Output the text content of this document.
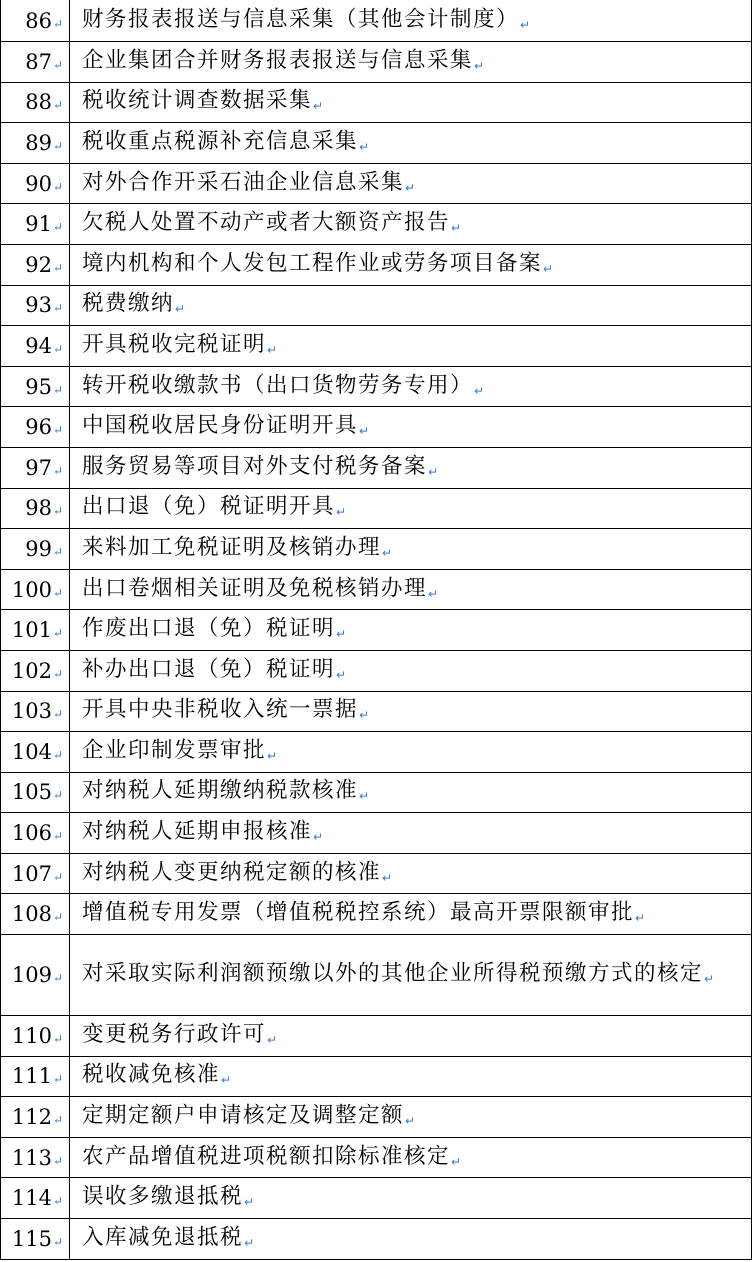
86 ↵ 财务报表报送与信息采集（其他会计制度）↵
87 ↵ 企业集团合并财务报表报送与信息采集↵
88 ↵ 税收统计调查数据采集↵
89 ↵ 税收重点税源补充信息采集↵
90 ↵ 对外合作开采石油企业信息采集↵
91 ↵ 欠税人处置不动产或者大额资产报告↵
92 ↵ 境内机构和个人发包工程作业或劳务项目备案↵
93 ↵ 税费缴纳↵
94 ↵ 开具税收完税证明↵
95 ↵ 转开税收缴款书（出口货物劳务专用）↵
96 ↵ 中国税收居民身份证明开具↵
97 ↵ 服务贸易等项目对外支付税务备案↵
98 ↵ 出口退（免）税证明开具↵
99 ↵ 来料加工免税证明及核销办理↵
100 ↵ 出口卷烟相关证明及免税核销办理↵
101 ↵ 作废出口退（免）税证明↵
102 ↵ 补办出口退（免）税证明↵
103 ↵ 开具中央非税收入统一票据↵
104 ↵ 企业印制发票审批↵
105 ↵ 对纳税人延期缴纳税款核准↵
106 ↵ 对纳税人延期申报核准↵
107 ↵ 对纳税人变更纳税定额的核准↵
108 ↵ 增值税专用发票（增值税税控系统）最高开票限额审批↵
109 ↵ 对采取实际利润额预缴以外的其他企业所得税预缴方式的核定↵
110 ↵ 变更税务行政许可↵
111 ↵ 税收减免核准↵
112 ↵ 定期定额户申请核定及调整定额↵
113 ↵ 农产品增值税进项税额扣除标准核定↵
114 ↵ 误收多缴退抵税↵
115 ↵ 入库减免退抵税↵
